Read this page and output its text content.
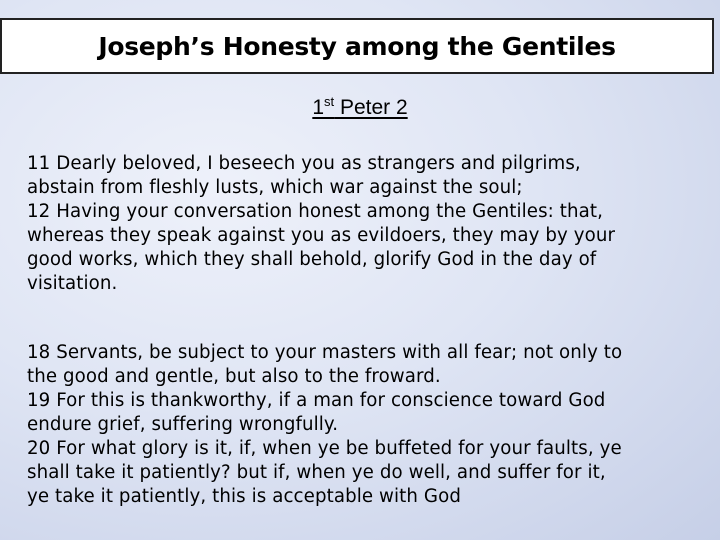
Joseph’s Honesty among the Gentiles
1st Peter 2
11 Dearly beloved, I beseech you as strangers and pilgrims,
abstain from fleshly lusts, which war against the soul;
12 Having your conversation honest among the Gentiles: that,
whereas they speak against you as evildoers, they may by your
good works, which they shall behold, glorify God in the day of
visitation.
18 Servants, be subject to your masters with all fear; not only to
the good and gentle, but also to the froward.
19 For this is thankworthy, if a man for conscience toward God
endure grief, suffering wrongfully.
20 For what glory is it, if, when ye be buffeted for your faults, ye
shall take it patiently? but if, when ye do well, and suffer for it,
ye take it patiently, this is acceptable with God
